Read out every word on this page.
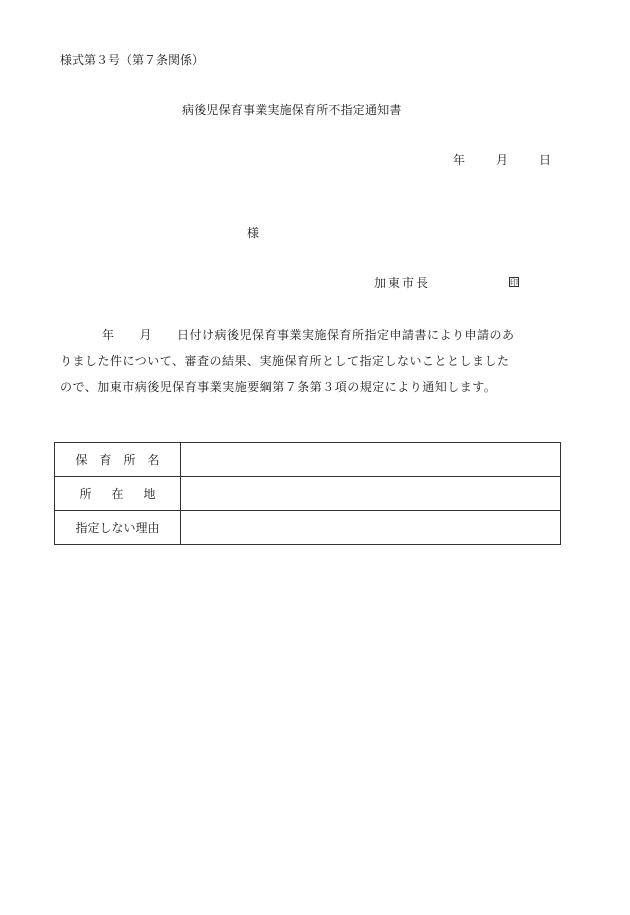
様式第３号（第７条関係）
病後児保育事業実施保育所不指定通知書
年	月	日
様
加東市長	印
年　　月　　日付け病後児保育事業実施保育所指定申請書により申請のあ
りました件について、審査の結果、実施保育所として指定しないこととしました
ので、加東市病後児保育事業実施要綱第７条第３項の規定により通知します。
保育所名	
所在地	
指定しない理由	
